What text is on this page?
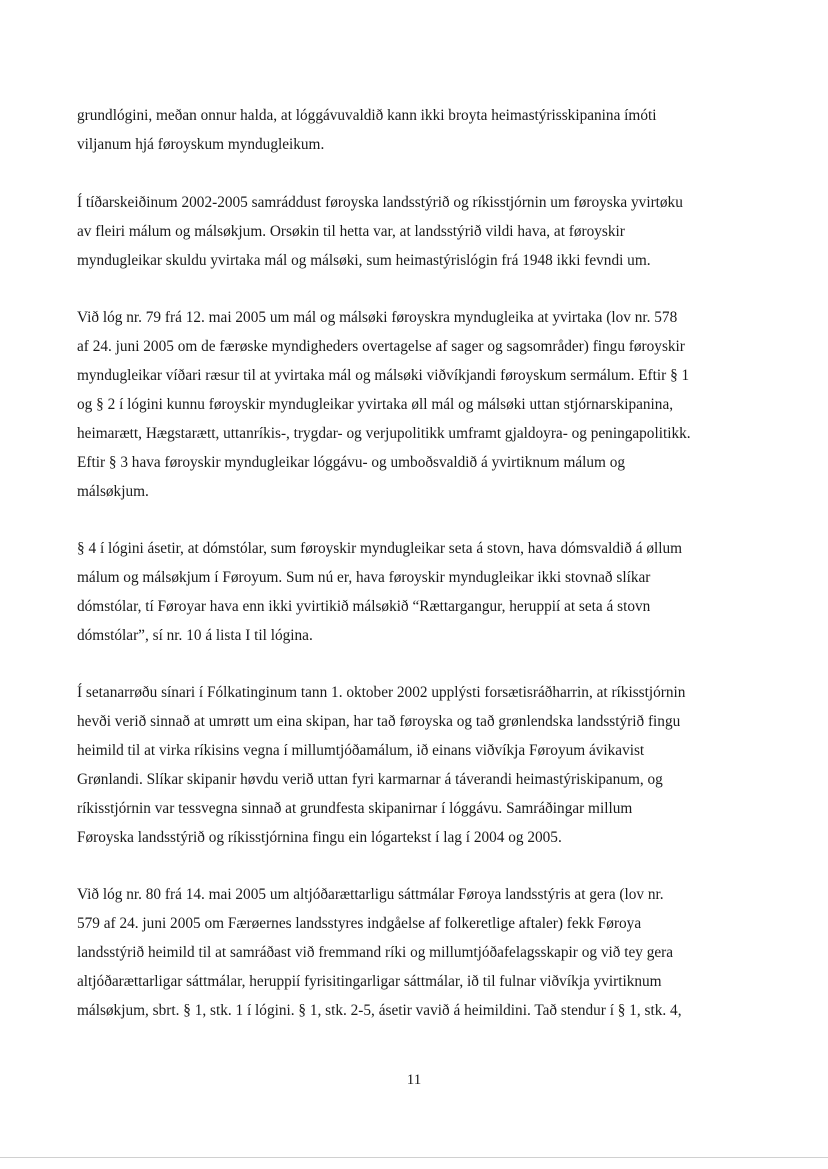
grundlógini, meðan onnur halda, at lóggávuvaldið kann ikki broyta heimastýrisskipanina ímóti
viljanum hjá føroyskum myndugleikum.

Í tíðarskeiðinum 2002-2005 samráddust føroyska landsstýrið og ríkisstjórnin um føroyska yvirtøku
av fleiri málum og málsøkjum. Orsøkin til hetta var, at landsstýrið vildi hava, at føroyskir
myndugleikar skuldu yvirtaka mál og málsøki, sum heimastýrislógin frá 1948 ikki fevndi um.

Við lóg nr. 79 frá 12. mai 2005 um mál og málsøki føroyskra myndugleika at yvirtaka (lov nr. 578
af 24. juni 2005 om de færøske myndigheders overtagelse af sager og sagsområder) fingu føroyskir
myndugleikar víðari ræsur til at yvirtaka mál og málsøki viðvíkjandi føroyskum sermálum. Eftir § 1
og § 2 í lógini kunnu føroyskir myndugleikar yvirtaka øll mál og málsøki uttan stjórnarskipanina,
heimarætt, Hægstarætt, uttanríkis-, trygdar- og verjupolitikk umframt gjaldoyra- og peningapolitikk.
Eftir § 3 hava føroyskir myndugleikar lóggávu- og umboðsvaldið á yvirtiknum málum og
málsøkjum.

§ 4 í lógini ásetir, at dómstólar, sum føroyskir myndugleikar seta á stovn, hava dómsvaldið á øllum
málum og málsøkjum í Føroyum. Sum nú er, hava føroyskir myndugleikar ikki stovnað slíkar
dómstólar, tí Føroyar hava enn ikki yvirtikið málsøkið “Rættargangur, heruppií at seta á stovn
dómstólar”, sí nr. 10 á lista I til lógina.

Í setanarrøðu sínari í Fólkatinginum tann 1. oktober 2002 upplýsti forsætisráðharrin, at ríkisstjórnin
hevði verið sinnað at umrøtt um eina skipan, har tað føroyska og tað grønlendska landsstýrið fingu
heimild til at virka ríkisins vegna í millumtjóðamálum, ið einans viðvíkja Føroyum ávikavist
Grønlandi. Slíkar skipanir høvdu verið uttan fyri karmarnar á táverandi heimastýriskipanum, og
ríkisstjórnin var tessvegna sinnað at grundfesta skipanirnar í lóggávu. Samráðingar millum
Føroyska landsstýrið og ríkisstjórnina fingu ein lógartekst í lag í 2004 og 2005.

Við lóg nr. 80 frá 14. mai 2005 um altjóðarættarligu sáttmálar Føroya landsstýris at gera (lov nr.
579 af 24. juni 2005 om Færøernes landsstyres indgåelse af folkeretlige aftaler) fekk Føroya
landsstýrið heimild til at samráðast við fremmand ríki og millumtjóðafelagsskapir og við tey gera
altjóðarættarligar sáttmálar, heruppií fyrisitingarligar sáttmálar, ið til fulnar viðvíkja yvirtiknum
málsøkjum, sbrt. § 1, stk. 1 í lógini. § 1, stk. 2-5, ásetir vavið á heimildini. Tað stendur í § 1, stk. 4,

11
